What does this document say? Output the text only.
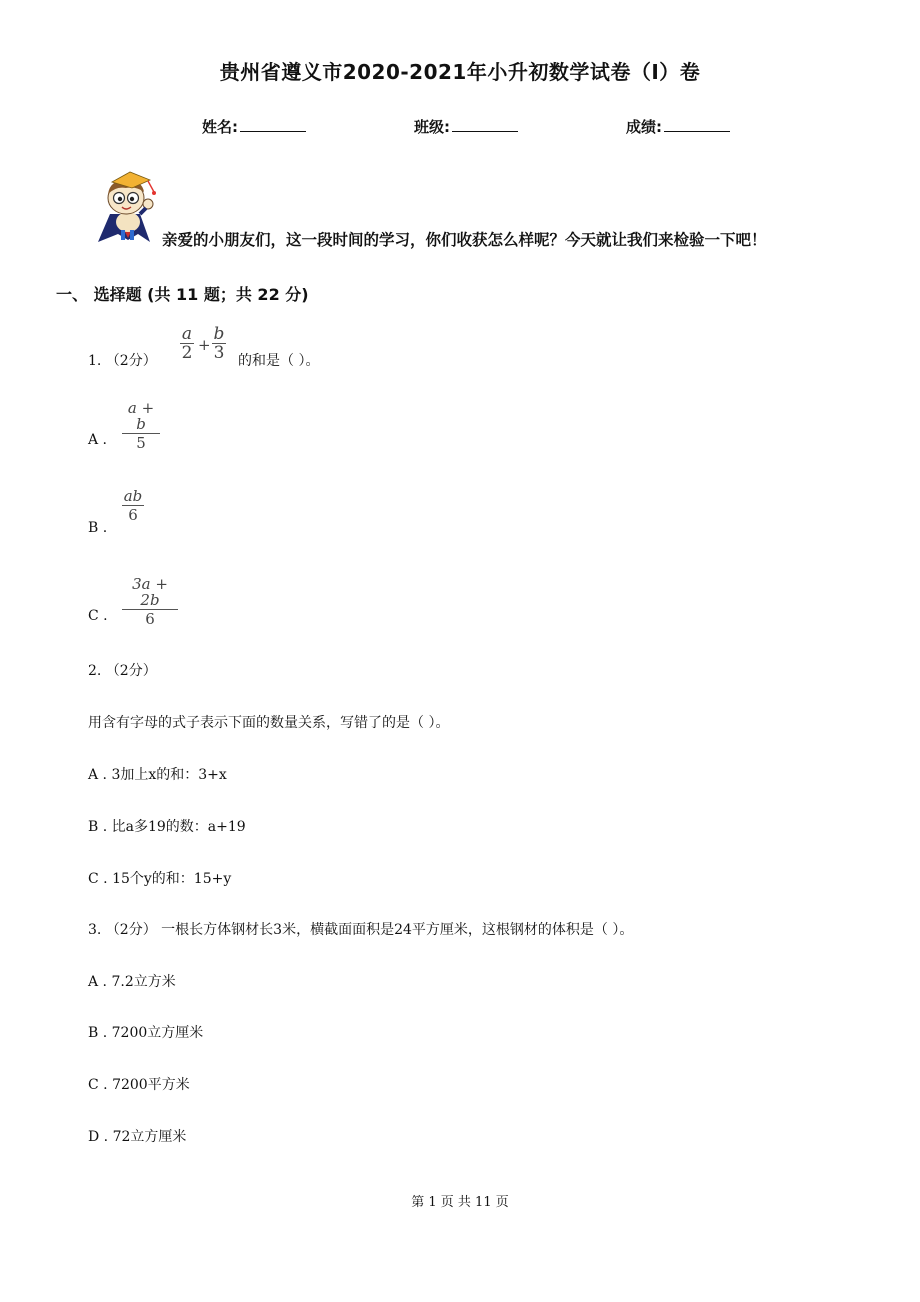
贵州省遵义市2020-2021年小升初数学试卷（I）卷
姓名:	班级:	成绩:
亲爱的小朋友们，这一段时间的学习，你们收获怎么样呢？今天就让我们来检验一下吧！
一、 选择题 (共 11 题；共 22 分)
1. （2分）
a
2 +
b
3 的和是（ ）。
A .
a + b
5
B .
ab
6
C .
3a + 2b
6
2. （2分）
用含有字母的式子表示下面的数量关系，写错了的是（ ）。
A . 3加上x的和：3+x
B . 比a多19的数：a+19
C . 15个y的和：15+y
3. （2分） 一根长方体钢材长3米，横截面面积是24平方厘米，这根钢材的体积是（ ）。
A . 7.2立方米
B . 7200立方厘米
C . 7200平方米
D . 72立方厘米
第 1 页 共 11 页
